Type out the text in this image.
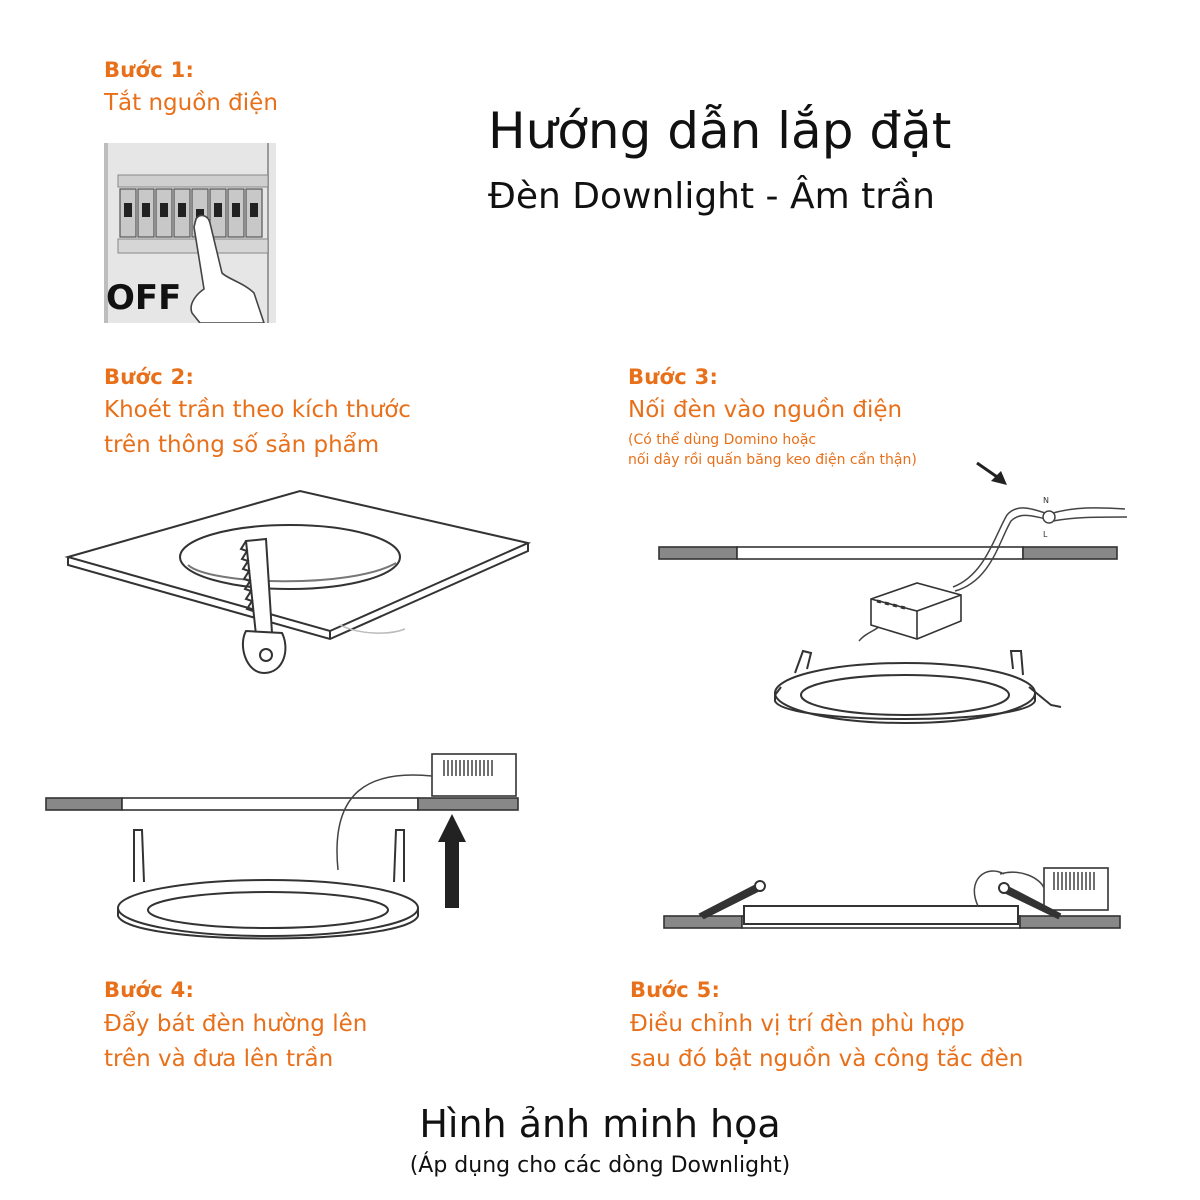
Bước 1:
Tắt nguồn điện	Hướng dẫn lắp đặt
Đèn Downlight - Âm trần
OFF
Bước 2:
Khoét trần theo kích thước
trên thông số sản phẩm
Bước 3:
Nối đèn vào nguồn điện
(Có thể dùng Domino hoặc
nối dây rồi quấn băng keo điện cẩn thận)
N
L
Bước 4:
Đẩy bát đèn hường lên
trên và đưa lên trần
Bước 5:
Điều chỉnh vị trí đèn phù hợp
sau đó bật nguồn và công tắc đèn
Hình ảnh minh họa
(Áp dụng cho các dòng Downlight)
